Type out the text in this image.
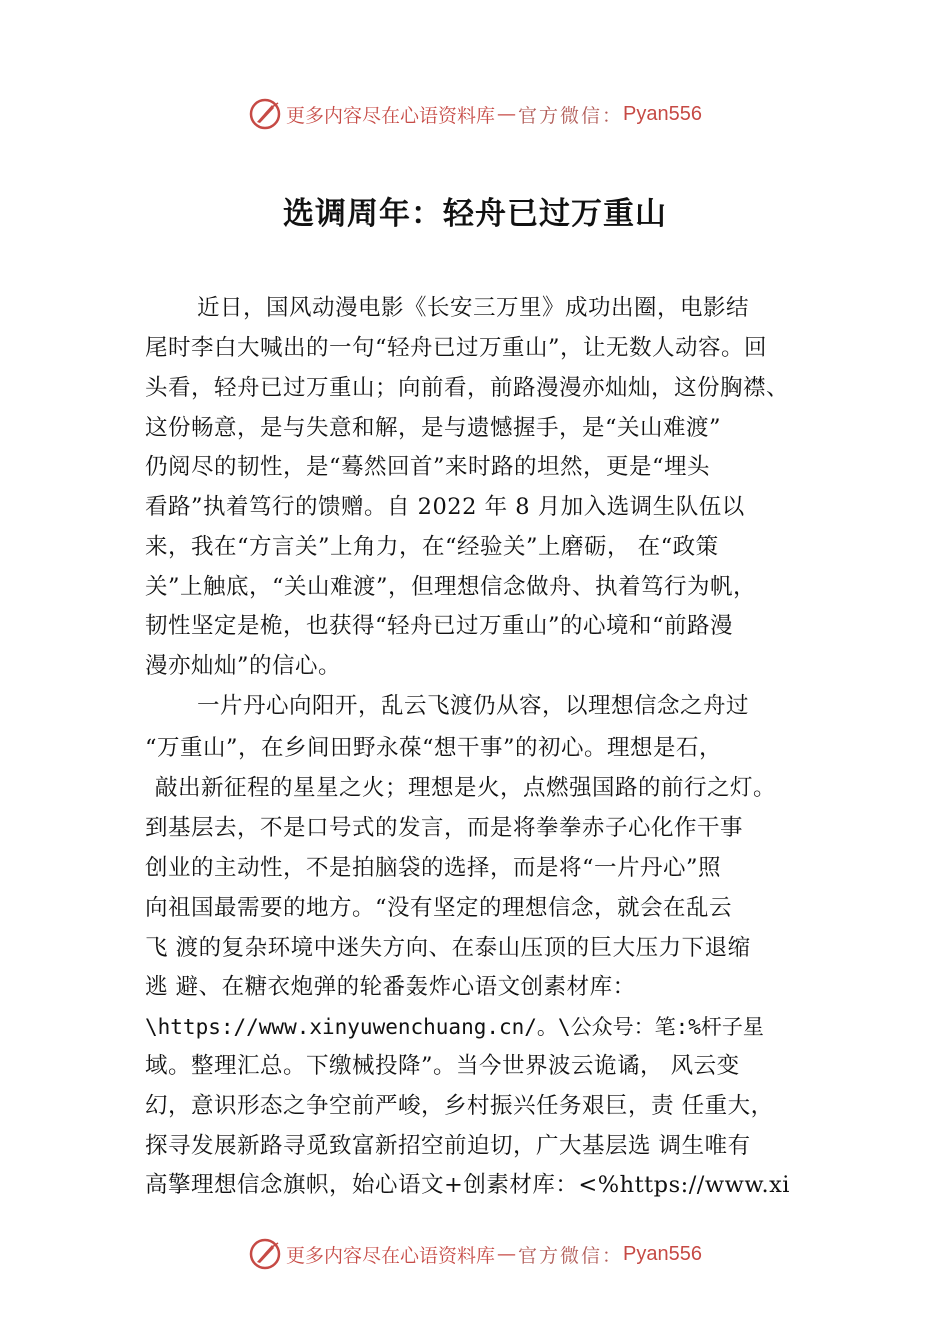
更多内容尽在心语资料库 — 官方微信： Pyan556
选调周年：轻舟已过万重山
近日，国风动漫电影《长安三万里》成功出圈，电影结
尾时李白大喊出的一句“轻舟已过万重山”，让无数人动容。回
头看，轻舟已过万重山；向前看，前路漫漫亦灿灿，这份胸襟、
这份畅意，是与失意和解，是与遗憾握手，是“关山难渡”
仍阅尽的韧性，是“蓦然回首”来时路的坦然，更是“埋头
看路”执着笃行的馈赠。自 2022 年 8 月加入选调生队伍以
来，我在“方言关”上角力，在“经验关”上磨砺， 在“政策
关”上触底，“关山难渡”，但理想信念做舟、执着笃行为帆，
韧性坚定是桅，也获得“轻舟已过万重山”的心境和“前路漫
漫亦灿灿”的信心。
一片丹心向阳开，乱云飞渡仍从容，以理想信念之舟过
“万重山”，在乡间田野永葆“想干事”的初心。理想是石，
敲出新征程的星星之火；理想是火，点燃强国路的前行之灯。
到基层去，不是口号式的发言，而是将拳拳赤子心化作干事
创业的主动性，不是拍脑袋的选择，而是将“一片丹心”照
向祖国最需要的地方。“没有坚定的理想信念，就会在乱云
飞 渡的复杂环境中迷失方向、在泰山压顶的巨大压力下退缩
逃 避、在糖衣炮弹的轮番轰炸心语文创素材库：
\https://www.xinyuwenchuang.cn/。\公众号：笔:%杆子星
域。整理汇总。下缴械投降”。当今世界波云诡谲， 风云变
幻，意识形态之争空前严峻，乡村振兴任务艰巨，责 任重大，
探寻发展新路寻觅致富新招空前迫切，广大基层选 调生唯有
高擎理想信念旗帜，始心语文+创素材库：<%https://www.xi
更多内容尽在心语资料库 — 官方微信： Pyan556
